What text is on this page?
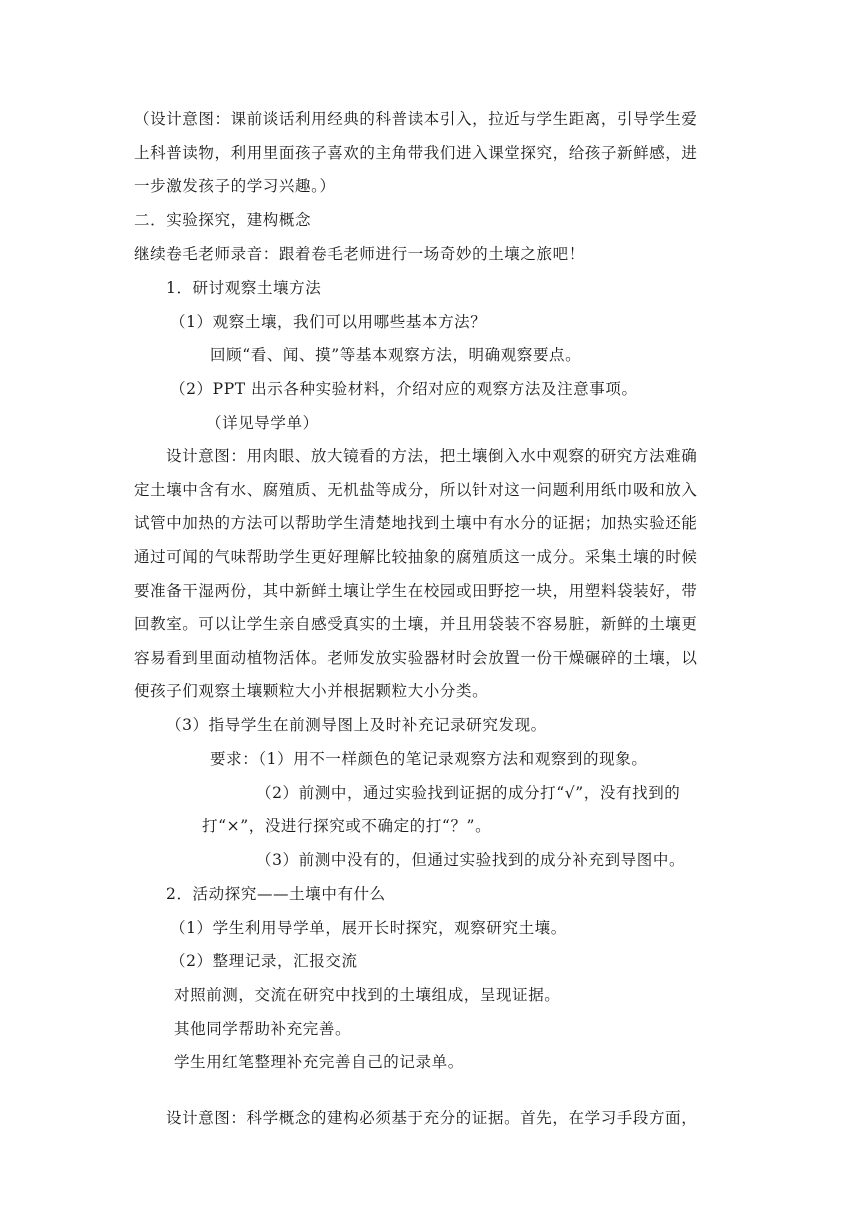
（设计意图：课前谈话利用经典的科普读本引入，拉近与学生距离，引导学生爱
上科普读物，利用里面孩子喜欢的主角带我们进入课堂探究，给孩子新鲜感，进
一步激发孩子的学习兴趣。）
二．实验探究，建构概念
继续卷毛老师录音：跟着卷毛老师进行一场奇妙的土壤之旅吧！
1．研讨观察土壤方法
（1）观察土壤，我们可以用哪些基本方法？
回顾“看、闻、摸”等基本观察方法，明确观察要点。
（2）PPT 出示各种实验材料，介绍对应的观察方法及注意事项。
（详见导学单）
设计意图：用肉眼、放大镜看的方法，把土壤倒入水中观察的研究方法难确
定土壤中含有水、腐殖质、无机盐等成分，所以针对这一问题利用纸巾吸和放入
试管中加热的方法可以帮助学生清楚地找到土壤中有水分的证据；加热实验还能
通过可闻的气味帮助学生更好理解比较抽象的腐殖质这一成分。采集土壤的时候
要准备干湿两份，其中新鲜土壤让学生在校园或田野挖一块，用塑料袋装好，带
回教室。可以让学生亲自感受真实的土壤，并且用袋装不容易脏，新鲜的土壤更
容易看到里面动植物活体。老师发放实验器材时会放置一份干燥碾碎的土壤，以
便孩子们观察土壤颗粒大小并根据颗粒大小分类。
（3）指导学生在前测导图上及时补充记录研究发现。
要求：（1）用不一样颜色的笔记录观察方法和观察到的现象。
（2）前测中，通过实验找到证据的成分打“√”，没有找到的
打“×”，没进行探究或不确定的打“？”。
（3）前测中没有的，但通过实验找到的成分补充到导图中。
2．活动探究——土壤中有什么
（1）学生利用导学单，展开长时探究，观察研究土壤。
（2）整理记录，汇报交流
对照前测，交流在研究中找到的土壤组成，呈现证据。
其他同学帮助补充完善。
学生用红笔整理补充完善自己的记录单。
设计意图：科学概念的建构必须基于充分的证据。首先，在学习手段方面，
